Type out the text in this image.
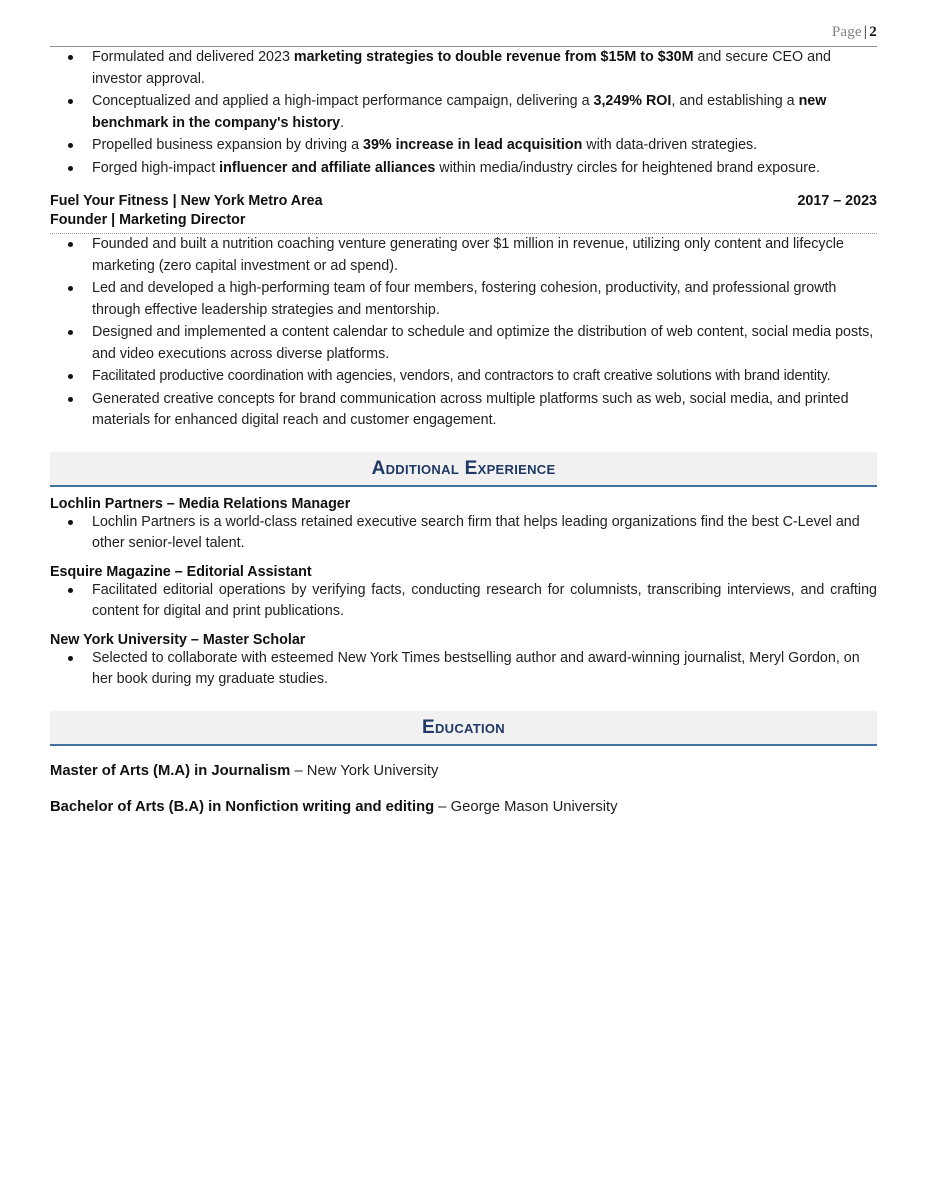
Page | 2
Formulated and delivered 2023 marketing strategies to double revenue from $15M to $30M and secure CEO and investor approval.
Conceptualized and applied a high-impact performance campaign, delivering a 3,249% ROI, and establishing a new benchmark in the company's history.
Propelled business expansion by driving a 39% increase in lead acquisition with data-driven strategies.
Forged high-impact influencer and affiliate alliances within media/industry circles for heightened brand exposure.
Fuel Your Fitness | New York Metro Area	2017 – 2023
Founder | Marketing Director
Founded and built a nutrition coaching venture generating over $1 million in revenue, utilizing only content and lifecycle marketing (zero capital investment or ad spend).
Led and developed a high-performing team of four members, fostering cohesion, productivity, and professional growth through effective leadership strategies and mentorship.
Designed and implemented a content calendar to schedule and optimize the distribution of web content, social media posts, and video executions across diverse platforms.
Facilitated productive coordination with agencies, vendors, and contractors to craft creative solutions with brand identity.
Generated creative concepts for brand communication across multiple platforms such as web, social media, and printed materials for enhanced digital reach and customer engagement.
Additional Experience
Lochlin Partners – Media Relations Manager
Lochlin Partners is a world-class retained executive search firm that helps leading organizations find the best C-Level and other senior-level talent.
Esquire Magazine – Editorial Assistant
Facilitated editorial operations by verifying facts, conducting research for columnists, transcribing interviews, and crafting content for digital and print publications.
New York University – Master Scholar
Selected to collaborate with esteemed New York Times bestselling author and award-winning journalist, Meryl Gordon, on her book during my graduate studies.
Education
Master of Arts (M.A) in Journalism – New York University
Bachelor of Arts (B.A) in Nonfiction writing and editing – George Mason University
